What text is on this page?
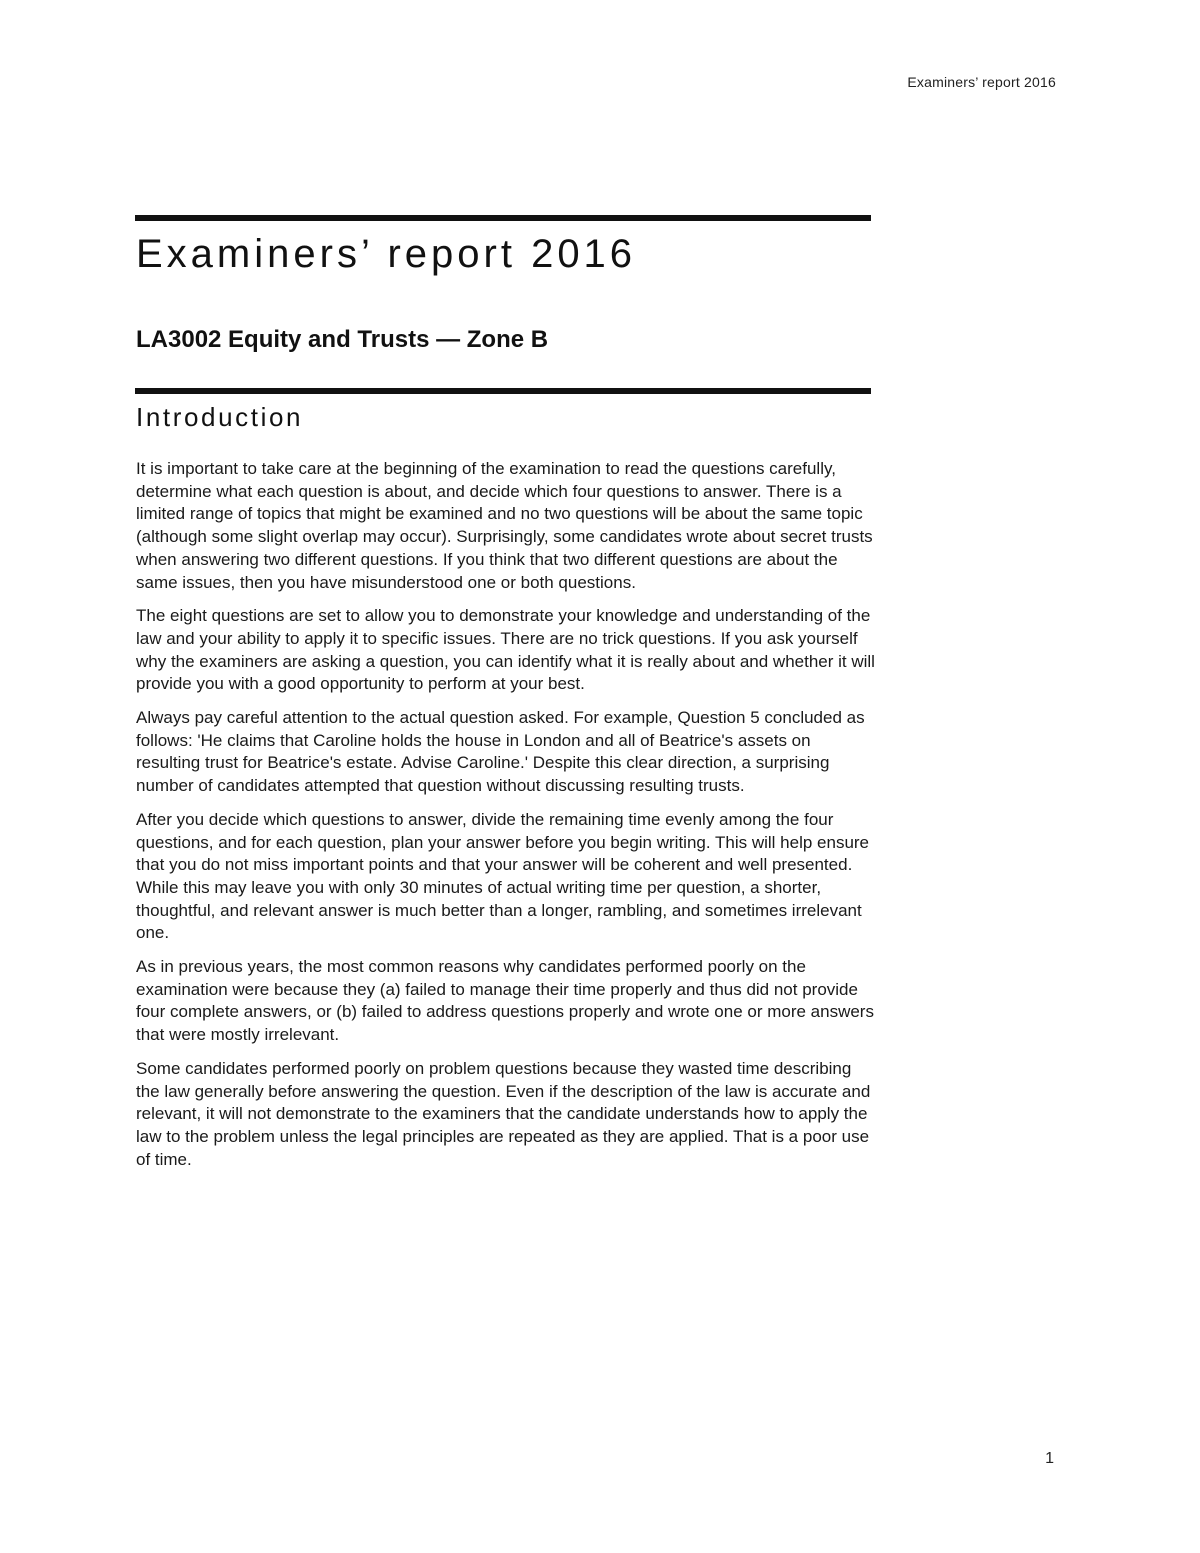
Examiners’ report 2016
Examiners’ report 2016
LA3002 Equity and Trusts — Zone B
Introduction

It is important to take care at the beginning of the examination to read the questions carefully, determine what each question is about, and decide which four questions to answer. There is a limited range of topics that might be examined and no two questions will be about the same topic (although some slight overlap may occur). Surprisingly, some candidates wrote about secret trusts when answering two different questions. If you think that two different questions are about the same issues, then you have misunderstood one or both questions.

The eight questions are set to allow you to demonstrate your knowledge and understanding of the law and your ability to apply it to specific issues. There are no trick questions. If you ask yourself why the examiners are asking a question, you can identify what it is really about and whether it will provide you with a good opportunity to perform at your best.

Always pay careful attention to the actual question asked. For example, Question 5 concluded as follows: 'He claims that Caroline holds the house in London and all of Beatrice's assets on resulting trust for Beatrice's estate. Advise Caroline.' Despite this clear direction, a surprising number of candidates attempted that question without discussing resulting trusts.

After you decide which questions to answer, divide the remaining time evenly among the four questions, and for each question, plan your answer before you begin writing. This will help ensure that you do not miss important points and that your answer will be coherent and well presented. While this may leave you with only 30 minutes of actual writing time per question, a shorter, thoughtful, and relevant answer is much better than a longer, rambling, and sometimes irrelevant one.

As in previous years, the most common reasons why candidates performed poorly on the examination were because they (a) failed to manage their time properly and thus did not provide four complete answers, or (b) failed to address questions properly and wrote one or more answers that were mostly irrelevant.

Some candidates performed poorly on problem questions because they wasted time describing the law generally before answering the question. Even if the description of the law is accurate and relevant, it will not demonstrate to the examiners that the candidate understands how to apply the law to the problem unless the legal principles are repeated as they are applied. That is a poor use of time.

1
